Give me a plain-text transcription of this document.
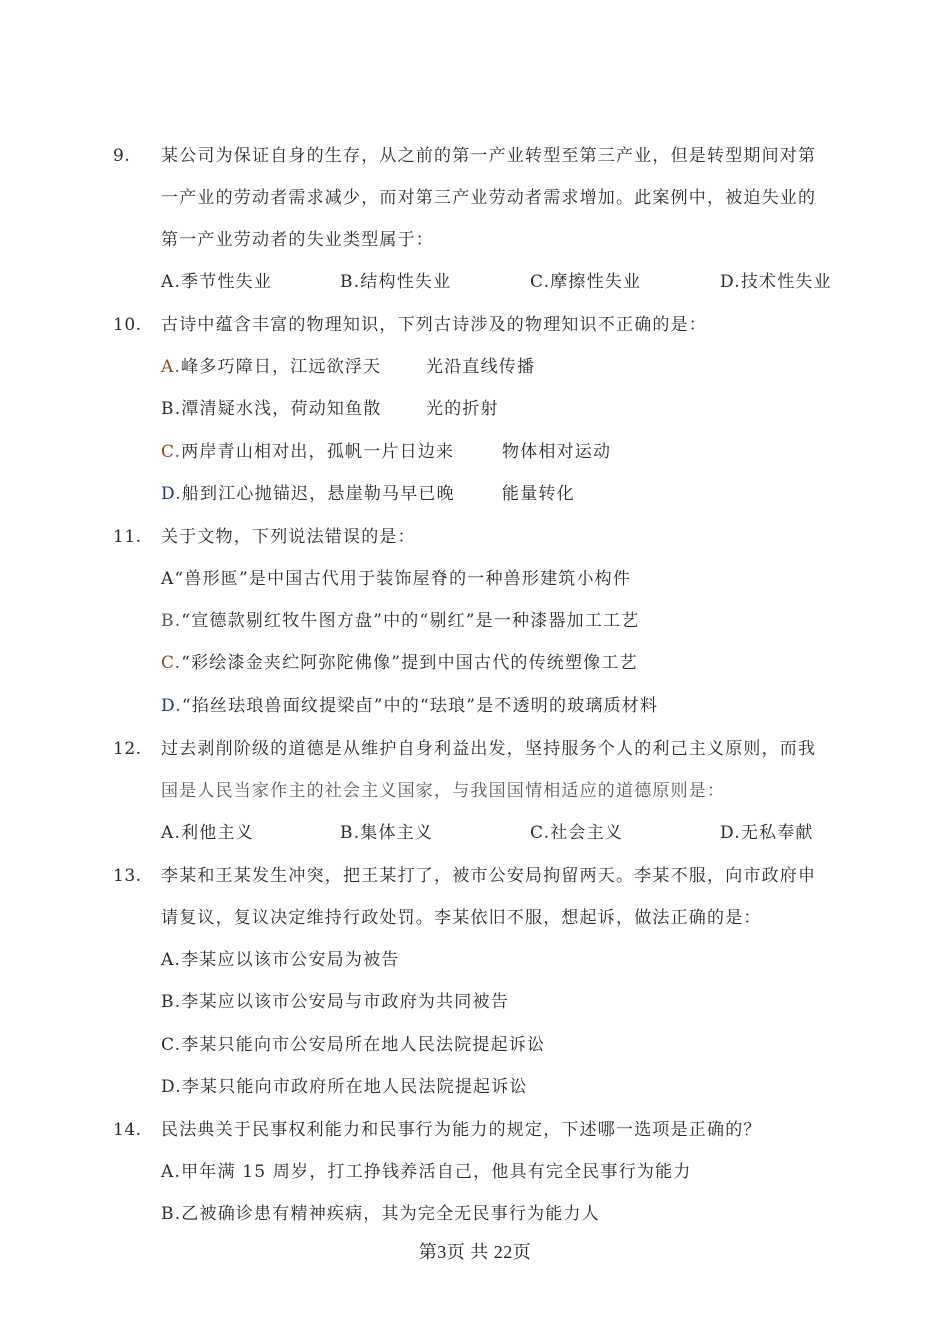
9. 某公司为保证自身的生存，从之前的第一产业转型至第三产业，但是转型期间对第
一产业的劳动者需求减少，而对第三产业劳动者需求增加。此案例中，被迫失业的
第一产业劳动者的失业类型属于：
A.季节性失业	B.结构性失业	C.摩擦性失业	D.技术性失业
10. 古诗中蕴含丰富的物理知识，下列古诗涉及的物理知识不正确的是：
A.峰多巧障日，江远欲浮天	光沿直线传播
B.潭清疑水浅，荷动知鱼散	光的折射
C.两岸青山相对出，孤帆一片日边来	物体相对运动
D.船到江心抛锚迟，悬崖勒马早已晚	能量转化
11. 关于文物，下列说法错误的是：
A“兽形匜”是中国古代用于装饰屋脊的一种兽形建筑小构件
B.“宣德款剔红牧牛图方盘”中的“剔红”是一种漆器加工工艺
C.“彩绘漆金夹纻阿弥陀佛像”提到中国古代的传统塑像工艺
D.“掐丝珐琅兽面纹提梁卣”中的“珐琅”是不透明的玻璃质材料
12. 过去剥削阶级的道德是从维护自身利益出发，坚持服务个人的利己主义原则，而我
国是人民当家作主的社会主义国家，与我国国情相适应的道德原则是：
A.利他主义	B.集体主义	C.社会主义	D.无私奉献
13. 李某和王某发生冲突，把王某打了，被市公安局拘留两天。李某不服，向市政府申
请复议，复议决定维持行政处罚。李某依旧不服，想起诉，做法正确的是：
A.李某应以该市公安局为被告
B.李某应以该市公安局与市政府为共同被告
C.李某只能向市公安局所在地人民法院提起诉讼
D.李某只能向市政府所在地人民法院提起诉讼
14. 民法典关于民事权利能力和民事行为能力的规定，下述哪一选项是正确的？
A.甲年满 15 周岁，打工挣钱养活自己，他具有完全民事行为能力
B.乙被确诊患有精神疾病，其为完全无民事行为能力人
第3页 共 22页
